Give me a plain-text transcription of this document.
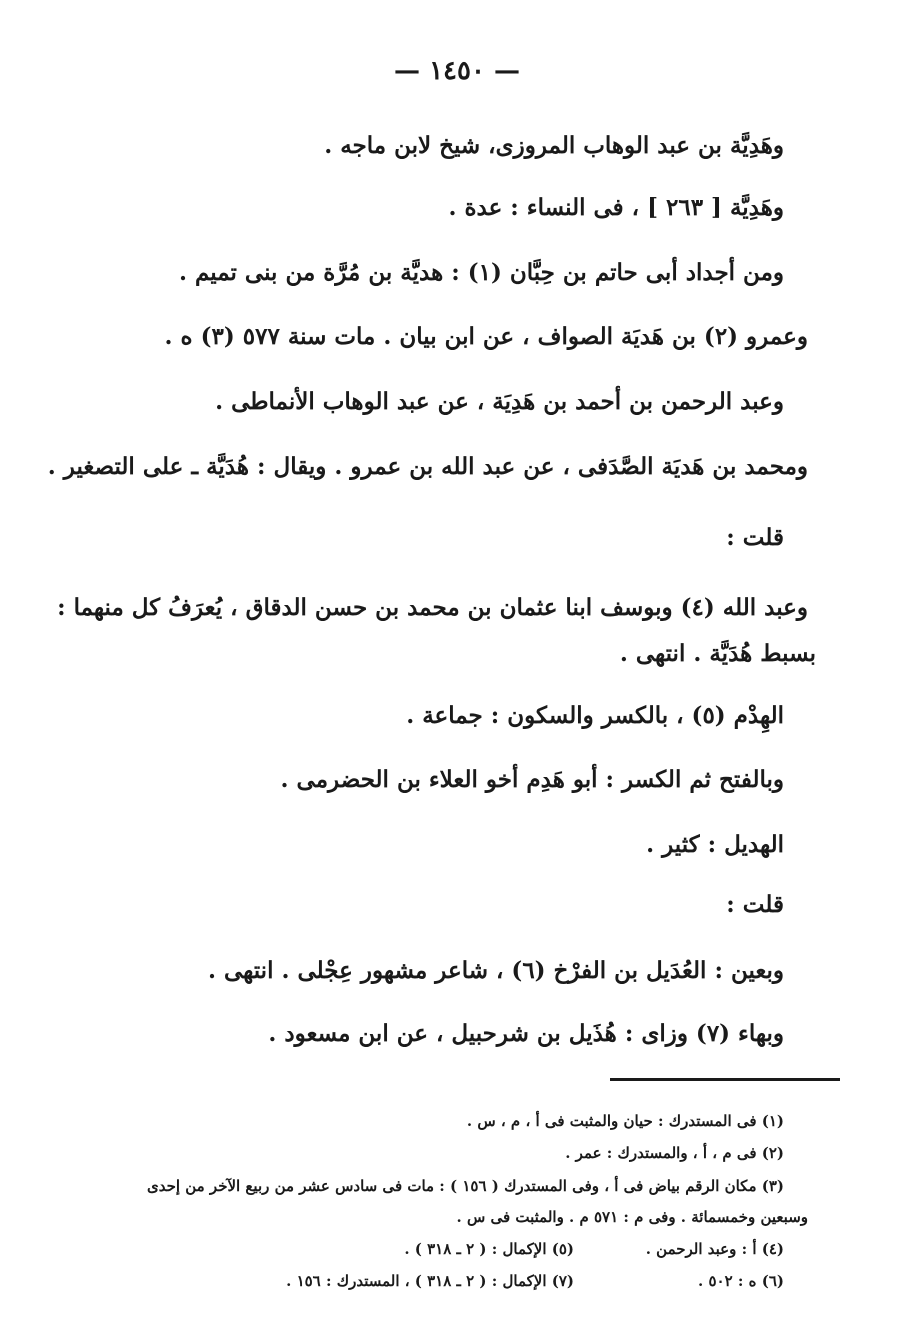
— ١٤٥٠ —
وهَدِيَّة بن عبد الوهاب المروزى، شيخ لابن ماجه .
وهَدِيَّة [ ٢٦٣ ] ، فى النساء : عدة .
ومن أجداد أبى حاتم بن حِبَّان (١) : هديَّة بن مُرَّة من بنى تميم .
وعمرو (٢) بن هَديَة الصواف ، عن ابن بيان . مات سنة ٥٧٧ (٣) ه .
وعبد الرحمن بن أحمد بن هَدِيَة ، عن عبد الوهاب الأنماطى .
ومحمد بن هَديَة الصَّدَفى ، عن عبد الله بن عمرو . ويقال : هُدَيَّة ـ على التصغير .
قلت :
وعبد الله (٤) وبوسف ابنا عثمان بن محمد بن حسن الدقاق ، يُعرَفُ كل منهما :
بسبط هُدَيَّة . انتهى .
الهِدْم (٥) ، بالكسر والسكون : جماعة .
وبالفتح ثم الكسر : أبو هَدِم أخو العلاء بن الحضرمى .
الهديل : كثير .
قلت :
وبعين : العُدَيل بن الفرْخ (٦) ، شاعر مشهور عِجْلى . انتهى .
وبهاء (٧) وزاى : هُذَيل بن شرحبيل ، عن ابن مسعود .
(١) فى المستدرك : حيان والمثبت فى أ ، م ، س .
(٢) فى م ، أ ، والمستدرك : عمر .
(٣) مكان الرقم بياض فى أ ، وفى المستدرك ( ١٥٦ ) : مات فى سادس عشر من ربيع الآخر من إحدى
وسبعين وخمسمائة . وفى م : ٥٧١ م . والمثبت فى س .
(٤) أ : وعبد الرحمن .
(٥) الإكمال : ( ٢ ـ ٣١٨ ) .
(٦) ه : ٥٠٢ .
(٧) الإكمال : ( ٢ ـ ٣١٨ ) ، المستدرك : ١٥٦ .
